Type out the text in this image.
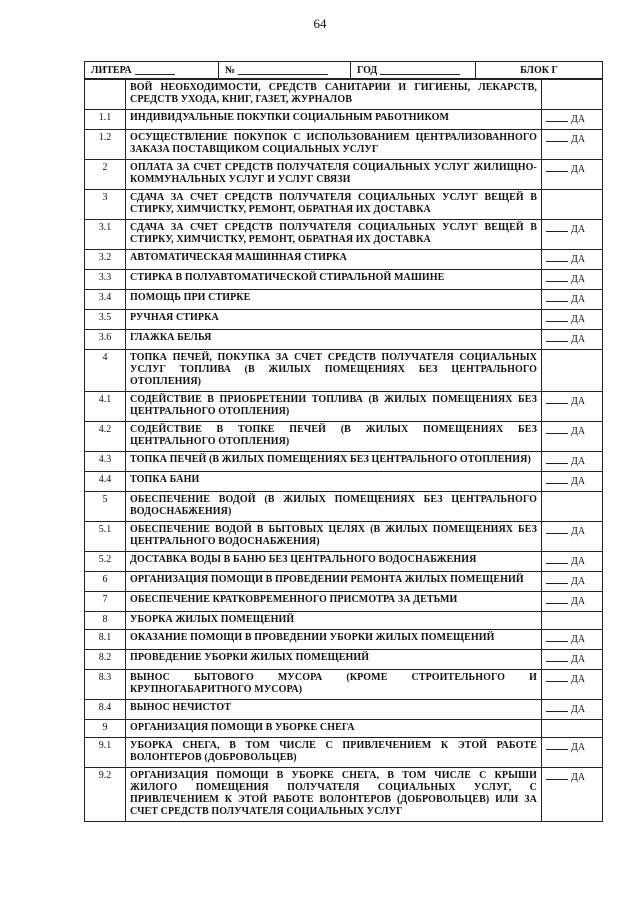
64
ЛИТЕРА	№	ГОД	БЛОК Г
	ВОЙ НЕОБХОДИМОСТИ, СРЕДСТВ САНИТАРИИ И ГИГИЕНЫ, ЛЕКАРСТВ, СРЕДСТВ УХОДА, КНИГ, ГАЗЕТ, ЖУРНАЛОВ	
1.1	ИНДИВИДУАЛЬНЫЕ ПОКУПКИ СОЦИАЛЬНЫМ РАБОТНИКОМ	ДА
1.2	ОСУЩЕСТВЛЕНИЕ ПОКУПОК С ИСПОЛЬЗОВАНИЕМ ЦЕНТРАЛИЗОВАННОГО ЗАКАЗА ПОСТАВЩИКОМ СОЦИАЛЬНЫХ УСЛУГ	ДА
2	ОПЛАТА ЗА СЧЕТ СРЕДСТВ ПОЛУЧАТЕЛЯ СОЦИАЛЬНЫХ УСЛУГ ЖИЛИЩНО-КОММУНАЛЬНЫХ УСЛУГ И УСЛУГ СВЯЗИ	ДА
3	СДАЧА ЗА СЧЕТ СРЕДСТВ ПОЛУЧАТЕЛЯ СОЦИАЛЬНЫХ УСЛУГ ВЕЩЕЙ В СТИРКУ, ХИМЧИСТКУ, РЕМОНТ, ОБРАТНАЯ ИХ ДОСТАВКА	
3.1	СДАЧА ЗА СЧЕТ СРЕДСТВ ПОЛУЧАТЕЛЯ СОЦИАЛЬНЫХ УСЛУГ ВЕЩЕЙ В СТИРКУ, ХИМЧИСТКУ, РЕМОНТ, ОБРАТНАЯ ИХ ДОСТАВКА	ДА
3.2	АВТОМАТИЧЕСКАЯ МАШИННАЯ СТИРКА	ДА
3.3	СТИРКА В ПОЛУАВТОМАТИЧЕСКОЙ СТИРАЛЬНОЙ МАШИНЕ	ДА
3.4	ПОМОЩЬ ПРИ СТИРКЕ	ДА
3.5	РУЧНАЯ СТИРКА	ДА
3.6	ГЛАЖКА БЕЛЬЯ	ДА
4	ТОПКА ПЕЧЕЙ, ПОКУПКА ЗА СЧЕТ СРЕДСТВ ПОЛУЧАТЕЛЯ СОЦИАЛЬНЫХ УСЛУГ ТОПЛИВА (В ЖИЛЫХ ПОМЕЩЕНИЯХ БЕЗ ЦЕНТРАЛЬНОГО ОТОПЛЕНИЯ)	
4.1	СОДЕЙСТВИЕ В ПРИОБРЕТЕНИИ ТОПЛИВА (В ЖИЛЫХ ПОМЕЩЕНИЯХ БЕЗ ЦЕНТРАЛЬНОГО ОТОПЛЕНИЯ)	ДА
4.2	СОДЕЙСТВИЕ В ТОПКЕ ПЕЧЕЙ (В ЖИЛЫХ ПОМЕЩЕНИЯХ БЕЗ ЦЕНТРАЛЬНОГО ОТОПЛЕНИЯ)	ДА
4.3	ТОПКА ПЕЧЕЙ (В ЖИЛЫХ ПОМЕЩЕНИЯХ БЕЗ ЦЕНТРАЛЬНОГО ОТОПЛЕНИЯ)	ДА
4.4	ТОПКА БАНИ	ДА
5	ОБЕСПЕЧЕНИЕ ВОДОЙ (В ЖИЛЫХ ПОМЕЩЕНИЯХ БЕЗ ЦЕНТРАЛЬНОГО ВОДОСНАБЖЕНИЯ)	
5.1	ОБЕСПЕЧЕНИЕ ВОДОЙ В БЫТОВЫХ ЦЕЛЯХ (В ЖИЛЫХ ПОМЕЩЕНИЯХ БЕЗ ЦЕНТРАЛЬНОГО ВОДОСНАБЖЕНИЯ)	ДА
5.2	ДОСТАВКА ВОДЫ В БАНЮ БЕЗ ЦЕНТРАЛЬНОГО ВОДОСНАБЖЕНИЯ	ДА
6	ОРГАНИЗАЦИЯ ПОМОЩИ В ПРОВЕДЕНИИ РЕМОНТА ЖИЛЫХ ПОМЕЩЕНИЙ	ДА
7	ОБЕСПЕЧЕНИЕ КРАТКОВРЕМЕННОГО ПРИСМОТРА ЗА ДЕТЬМИ	ДА
8	УБОРКА ЖИЛЫХ ПОМЕЩЕНИЙ	
8.1	ОКАЗАНИЕ ПОМОЩИ В ПРОВЕДЕНИИ УБОРКИ ЖИЛЫХ ПОМЕЩЕНИЙ	ДА
8.2	ПРОВЕДЕНИЕ УБОРКИ ЖИЛЫХ ПОМЕЩЕНИЙ	ДА
8.3	ВЫНОС БЫТОВОГО МУСОРА (КРОМЕ СТРОИТЕЛЬНОГО И КРУПНОГАБАРИТНОГО МУСОРА)	ДА
8.4	ВЫНОС НЕЧИСТОТ	ДА
9	ОРГАНИЗАЦИЯ ПОМОЩИ В УБОРКЕ СНЕГА	
9.1	УБОРКА СНЕГА, В ТОМ ЧИСЛЕ С ПРИВЛЕЧЕНИЕМ К ЭТОЙ РАБОТЕ ВОЛОНТЕРОВ (ДОБРОВОЛЬЦЕВ)	ДА
9.2	ОРГАНИЗАЦИЯ ПОМОЩИ В УБОРКЕ СНЕГА, В ТОМ ЧИСЛЕ С КРЫШИ ЖИЛОГО ПОМЕЩЕНИЯ ПОЛУЧАТЕЛЯ СОЦИАЛЬНЫХ УСЛУГ, С ПРИВЛЕЧЕНИЕМ К ЭТОЙ РАБОТЕ ВОЛОНТЕРОВ (ДОБРОВОЛЬЦЕВ) ИЛИ ЗА СЧЕТ СРЕДСТВ ПОЛУЧАТЕЛЯ СОЦИАЛЬНЫХ УСЛУГ	ДА
